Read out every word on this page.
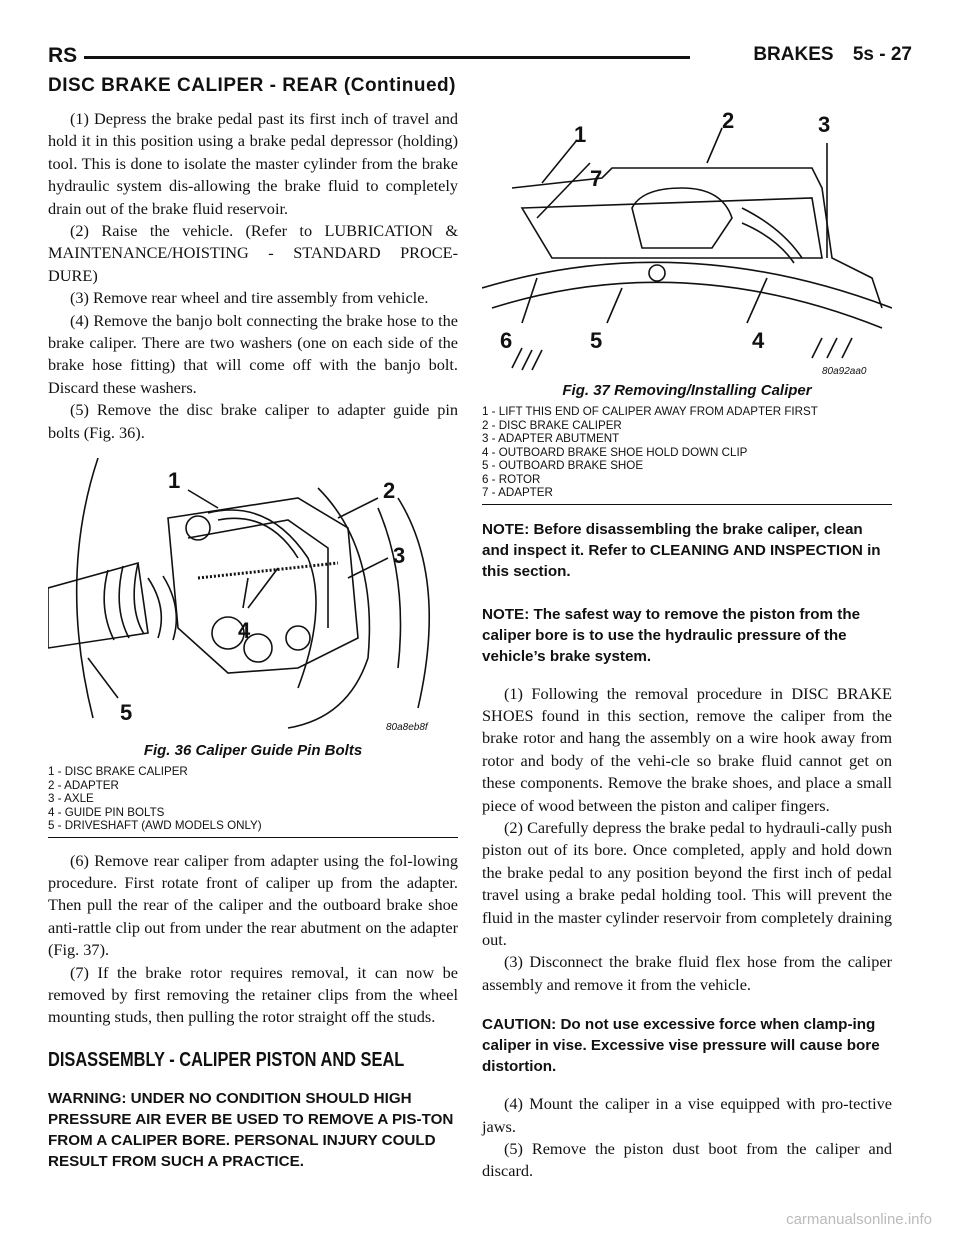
RS	BRAKES 5s - 27
DISC BRAKE CALIPER - REAR (Continued)

(1) Depress the brake pedal past its first inch of travel and hold it in this position using a brake pedal depressor (holding) tool. This is done to isolate the master cylinder from the brake hydraulic system dis-allowing the brake fluid to completely drain out of the brake fluid reservoir.

(2) Raise the vehicle. (Refer to LUBRICATION & MAINTENANCE/HOISTING - STANDARD PROCE-DURE)

(3) Remove rear wheel and tire assembly from vehicle.

(4) Remove the banjo bolt connecting the brake hose to the brake caliper. There are two washers (one on each side of the brake hose fitting) that will come off with the banjo bolt. Discard these washers.

(5) Remove the disc brake caliper to adapter guide pin bolts (Fig. 36).

1	2
3
4
5
80a8eb8f
Fig. 36 Caliper Guide Pin Bolts
1 - DISC BRAKE CALIPER
2 - ADAPTER
3 - AXLE
4 - GUIDE PIN BOLTS
5 - DRIVESHAFT (AWD MODELS ONLY)

(6) Remove rear caliper from adapter using the fol-lowing procedure. First rotate front of caliper up from the adapter. Then pull the rear of the caliper and the outboard brake shoe anti-rattle clip out from under the rear abutment on the adapter (Fig. 37).

(7) If the brake rotor requires removal, it can now be removed by first removing the retainer clips from the wheel mounting studs, then pulling the rotor straight off the studs.

DISASSEMBLY - CALIPER PISTON AND SEAL

WARNING: UNDER NO CONDITION SHOULD HIGH PRESSURE AIR EVER BE USED TO REMOVE A PIS-TON FROM A CALIPER BORE. PERSONAL INJURY COULD RESULT FROM SUCH A PRACTICE.

1
2	3
4
5
6
7
80a92aa0
Fig. 37 Removing/Installing Caliper
1 - LIFT THIS END OF CALIPER AWAY FROM ADAPTER FIRST
2 - DISC BRAKE CALIPER
3 - ADAPTER ABUTMENT
4 - OUTBOARD BRAKE SHOE HOLD DOWN CLIP
5 - OUTBOARD BRAKE SHOE
6 - ROTOR
7 - ADAPTER

NOTE: Before disassembling the brake caliper, clean and inspect it. Refer to CLEANING AND INSPECTION in this section.

NOTE: The safest way to remove the piston from the caliper bore is to use the hydraulic pressure of the vehicle’s brake system.

(1) Following the removal procedure in DISC BRAKE SHOES found in this section, remove the caliper from the brake rotor and hang the assembly on a wire hook away from rotor and body of the vehi-cle so brake fluid cannot get on these components. Remove the brake shoes, and place a small piece of wood between the piston and caliper fingers.

(2) Carefully depress the brake pedal to hydrauli-cally push piston out of its bore. Once completed, apply and hold down the brake pedal to any position beyond the first inch of pedal travel using a brake pedal holding tool. This will prevent the fluid in the master cylinder reservoir from completely draining out.

(3) Disconnect the brake fluid flex hose from the caliper assembly and remove it from the vehicle.

CAUTION: Do not use excessive force when clamp-ing caliper in vise. Excessive vise pressure will cause bore distortion.

(4) Mount the caliper in a vise equipped with pro-tective jaws.

(5) Remove the piston dust boot from the caliper and discard.

carmanualsonline.info
